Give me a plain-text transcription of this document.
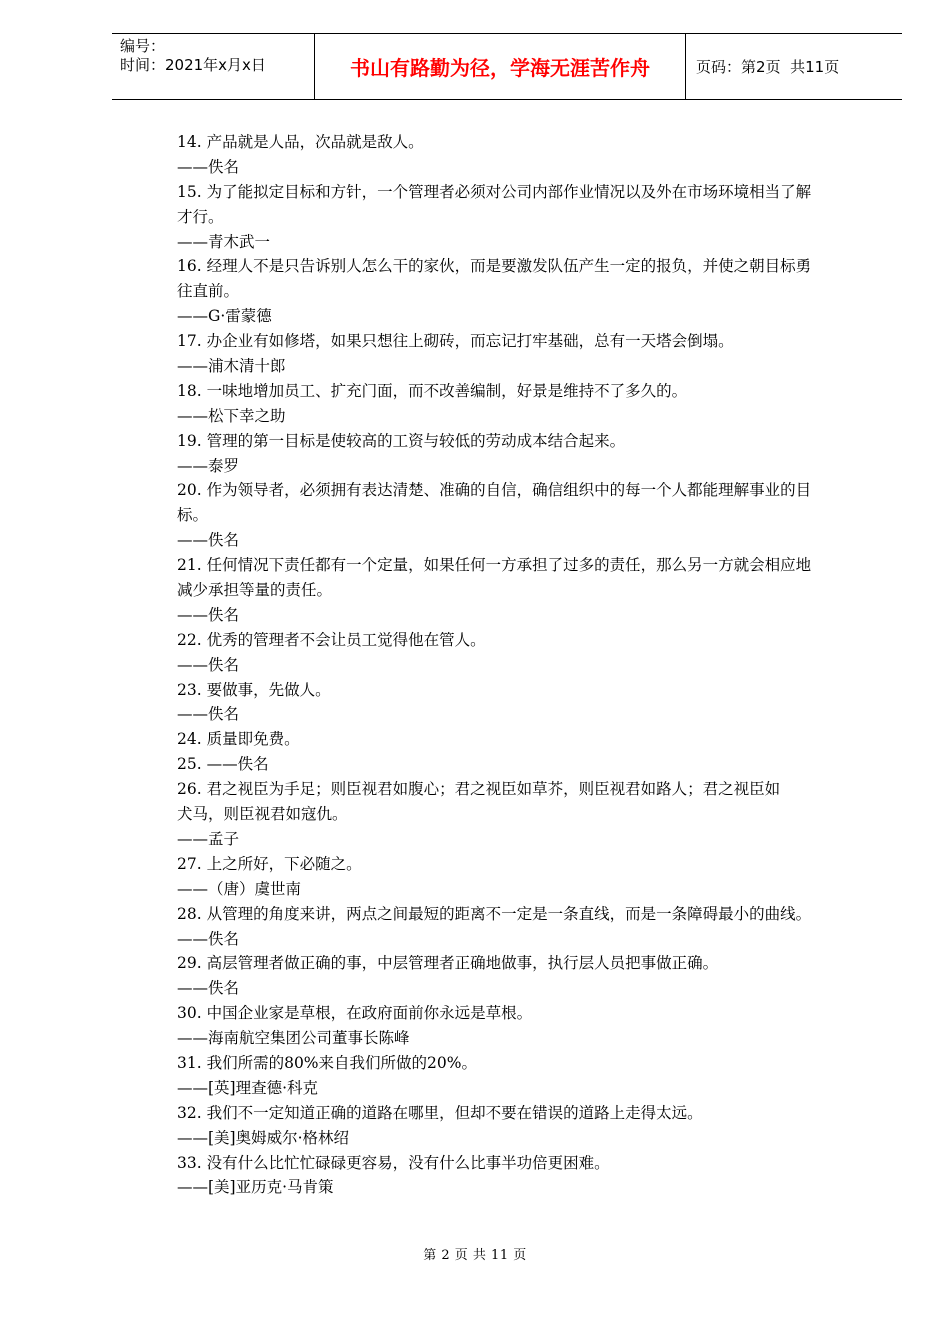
编号：
时间：2021年x月x日	书山有路勤为径，学海无涯苦作舟	页码：第 2 页  共 11 页
14. 产品就是人品，次品就是敌人。
——佚名
15. 为了能拟定目标和方针，一个管理者必须对公司内部作业情况以及外在市场环境相当了解
才行。
——青木武一
16. 经理人不是只告诉别人怎么干的家伙，而是要激发队伍产生一定的报负，并使之朝目标勇
往直前。
——G·雷蒙德
17. 办企业有如修塔，如果只想往上砌砖，而忘记打牢基础，总有一天塔会倒塌。
——浦木清十郎
18. 一味地增加员工、扩充门面，而不改善编制，好景是维持不了多久的。
——松下幸之助
19. 管理的第一目标是使较高的工资与较低的劳动成本结合起来。
——泰罗
20. 作为领导者，必须拥有表达清楚、准确的自信，确信组织中的每一个人都能理解事业的目
标。
——佚名
21. 任何情况下责任都有一个定量，如果任何一方承担了过多的责任，那么另一方就会相应地
减少承担等量的责任。
——佚名
22. 优秀的管理者不会让员工觉得他在管人。
——佚名
23. 要做事，先做人。
——佚名
24. 质量即免费。
25. ——佚名
26. 君之视臣为手足；则臣视君如腹心；君之视臣如草芥，则臣视君如路人；君之视臣如
犬马，则臣视君如寇仇。
——孟子
27. 上之所好，下必随之。
——（唐）虞世南
28. 从管理的角度来讲，两点之间最短的距离不一定是一条直线，而是一条障碍最小的曲线。
——佚名
29. 高层管理者做正确的事，中层管理者正确地做事，执行层人员把事做正确。
——佚名
30. 中国企业家是草根，在政府面前你永远是草根。
——海南航空集团公司董事长陈峰
31. 我们所需的80%来自我们所做的20%。
——[英]理查德·科克
32. 我们不一定知道正确的道路在哪里，但却不要在错误的道路上走得太远。
——[美]奥姆威尔·格林绍
33. 没有什么比忙忙碌碌更容易，没有什么比事半功倍更困难。
——[美]亚历克·马肯策
第 2 页 共 11 页
